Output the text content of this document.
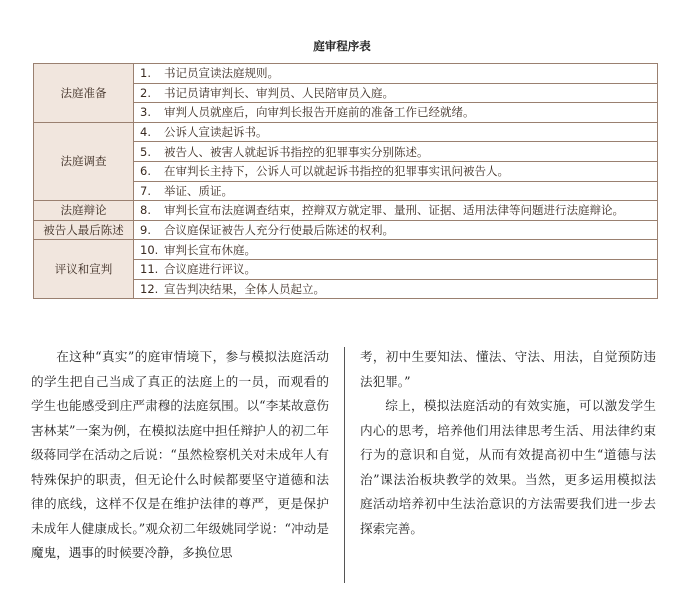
庭审程序表
法庭准备	1. 书记员宣读法庭规则。
	2. 书记员请审判长、审判员、人民陪审员入庭。
	3. 审判人员就座后，向审判长报告开庭前的准备工作已经就绪。
法庭调查	4. 公诉人宣读起诉书。
	5. 被告人、被害人就起诉书指控的犯罪事实分别陈述。
	6. 在审判长主持下，公诉人可以就起诉书指控的犯罪事实讯问被告人。
	7. 举证、质证。
法庭辩论	8. 审判长宣布法庭调查结束，控辩双方就定罪、量刑、证据、适用法律等问题进行法庭辩论。
被告人最后陈述	9. 合议庭保证被告人充分行使最后陈述的权利。
评议和宣判	10. 审判长宣布休庭。
	11. 合议庭进行评议。
	12. 宣告判决结果，全体人员起立。

在这种“真实”的庭审情境下，参与模拟法庭活动的学生把自己当成了真正的法庭上的一员，而观看的学生也能感受到庄严肃穆的法庭氛围。以“李某故意伤害林某”一案为例，在模拟法庭中担任辩护人的初二年级蒋同学在活动之后说：“虽然检察机关对未成年人有特殊保护的职责，但无论什么时候都要坚守道德和法律的底线，这样不仅是在维护法律的尊严，更是保护未成年人健康成长。”观众初二年级姚同学说：“冲动是魔鬼，遇事的时候要冷静，多换位思

考，初中生要知法、懂法、守法、用法，自觉预防违法犯罪。”

综上，模拟法庭活动的有效实施，可以激发学生内心的思考，培养他们用法律思考生活、用法律约束行为的意识和自觉，从而有效提高初中生“道德与法治”课法治板块教学的效果。当然，更多运用模拟法庭活动培养初中生法治意识的方法需要我们进一步去探索完善。
